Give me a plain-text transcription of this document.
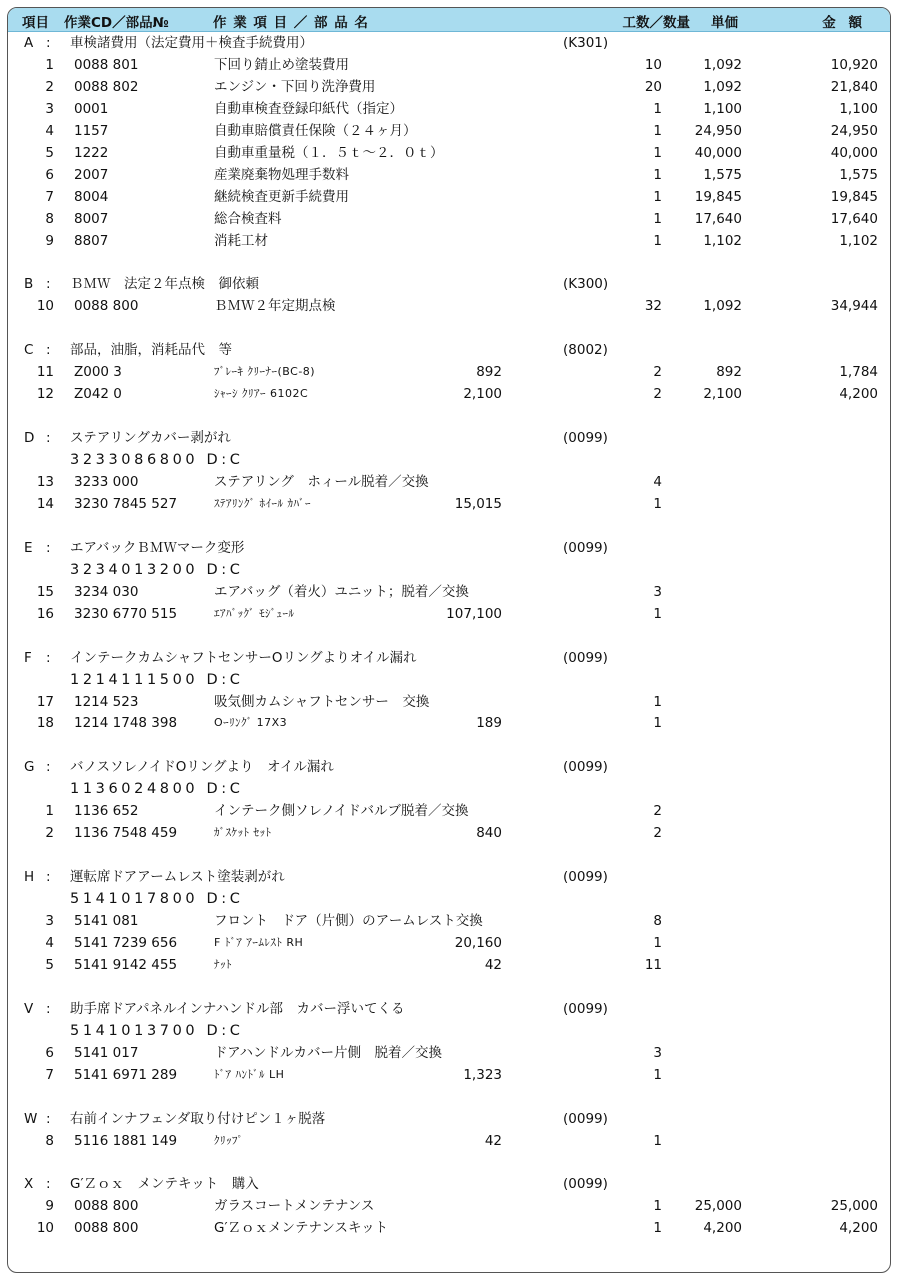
項目 作業CD／部品№	作 業 項 目 ／ 部 品 名	工数／数量 単価	金 額
A : 車検諸費用（法定費用＋検査手続費用）	(K301)
1 0088 801	下回り錆止め塗装費用	10	1,092	10,920
2 0088 802	エンジン・下回り洗浄費用	20	1,092	21,840
3 0001	自動車検査登録印紙代（指定）	1	1,100	1,100
4 1157	自動車賠償責任保険（２４ヶ月）	1 24,950	24,950
5 1222	自動車重量税（１．５ｔ～２．０ｔ）	1 40,000	40,000
6 2007	産業廃棄物処理手数料	1	1,575	1,575
7 8004	継続検査更新手続費用	1 19,845	19,845
8 8007	総合検査料	1 17,640	17,640
9 8807	消耗工材	1	1,102	1,102
B : ＢＭＷ　法定２年点検　御依頼	(K300)
10 0088 800	ＢＭＷ２年定期点検	32	1,092	34,944
C : 部品，油脂，消耗品代　等	(8002)
11 Z000 3	ﾌﾞﾚｰｷ ｸﾘｰﾅｰ(BC-8)	892	2	892	1,784
12 Z042 0	ｼｬｰｼ ｸﾘｱｰ 6102C	2,100	2	2,100	4,200
D : ステアリングカバー剥がれ	(0099)
3233086800 D:C
13 3233 000	ステアリング　ホィール脱着／交換	4
14 3230 7845 527	ｽﾃｱﾘﾝｸﾞ ﾎｲｰﾙ ｶﾊﾞｰ	15,015	1
E : エアバックＢＭＷマーク変形	(0099)
3234013200 D:C
15 3234 030	エアバッグ（着火）ユニット；脱着／交換	3
16 3230 6770 515	ｴｱﾊﾞｯｸﾞ ﾓｼﾞｭｰﾙ	107,100	1
F : インテークカムシャフトセンサーOリングよりオイル漏れ	(0099)
1214111500 D:C
17 1214 523	吸気側カムシャフトセンサー　交換	1
18 1214 1748 398	Oｰﾘﾝｸﾞ 17X3	189	1
G : バノスソレノイドOリングより　オイル漏れ	(0099)
1136024800 D:C
1 1136 652	インテーク側ソレノイドバルブ脱着／交換	2
2 1136 7548 459	ｶﾞｽｹｯﾄ ｾｯﾄ	840	2
H : 運転席ドアアームレスト塗装剥がれ	(0099)
5141017800 D:C
3 5141 081	フロント　ドア（片側）のアームレスト交換	8
4 5141 7239 656	F ﾄﾞｱ ｱｰﾑﾚｽﾄ RH	20,160	1
5 5141 9142 455	ﾅｯﾄ	42	11
V : 助手席ドアパネルインナハンドル部　カバー浮いてくる	(0099)
5141013700 D:C
6 5141 017	ドアハンドルカバー片側　脱着／交換	3
7 5141 6971 289	ﾄﾞｱ ﾊﾝﾄﾞﾙ LH	1,323	1
W : 右前インナフェンダ取り付けピン１ヶ脱落	(0099)
8 5116 1881 149	ｸﾘｯﾌﾟ	42	1
X : G′Ｚｏｘ　メンテキット　購入	(0099)
9 0088 800	ガラスコートメンテナンス	1 25,000	25,000
10 0088 800	G′Ｚｏｘメンテナンスキット	1	4,200	4,200
